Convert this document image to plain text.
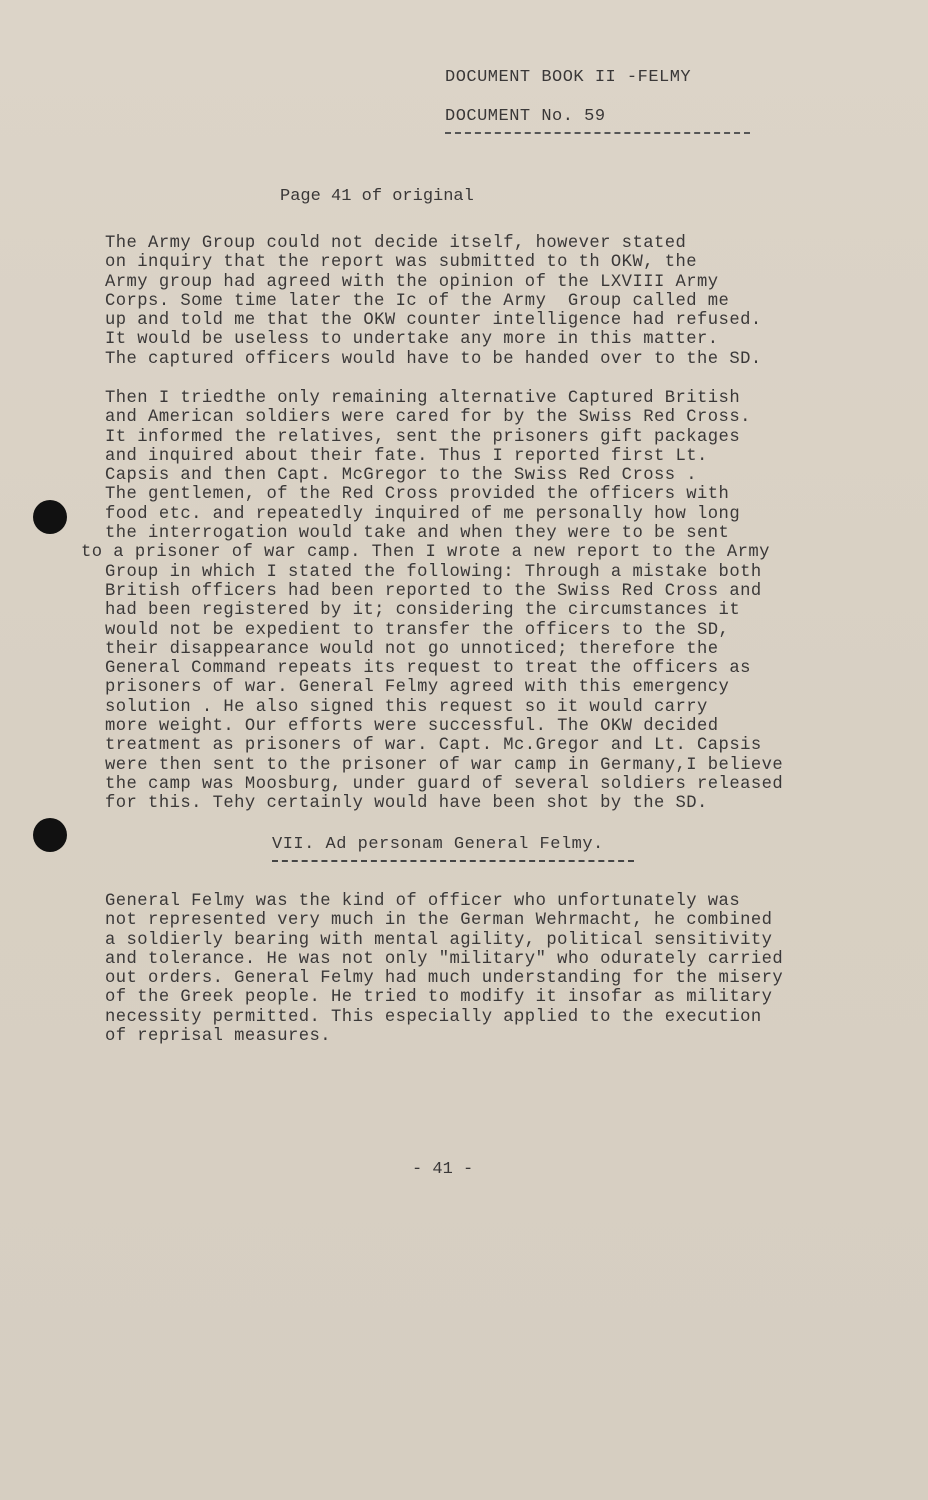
DOCUMENT BOOK II -FELMY
DOCUMENT No. 59
Page 41 of original
The Army Group could not decide itself, however stated
on inquiry that the report was submitted to th OKW, the
Army group had agreed with the opinion of the LXVIII Army
Corps. Some time later the Ic of the Army  Group called me
up and told me that the OKW counter intelligence had refused.
It would be useless to undertake any more in this matter.
The captured officers would have to be handed over to the SD.
Then I triedthe only remaining alternative Captured British
and American soldiers were cared for by the Swiss Red Cross.
It informed the relatives, sent the prisoners gift packages
and inquired about their fate. Thus I reported first Lt.
Capsis and then Capt. McGregor to the Swiss Red Cross .
The gentlemen, of the Red Cross provided the officers with
food etc. and repeatedly inquired of me personally how long
the interrogation would take and when they were to be sent
to a prisoner of war camp. Then I wrote a new report to the Army
Group in which I stated the following: Through a mistake both
British officers had been reported to the Swiss Red Cross and
had been registered by it; considering the circumstances it
would not be expedient to transfer the officers to the SD,
their disappearance would not go unnoticed; therefore the
General Command repeats its request to treat the officers as
prisoners of war. General Felmy agreed with this emergency
solution . He also signed this request so it would carry
more weight. Our efforts were successful. The OKW decided
treatment as prisoners of war. Capt. Mc.Gregor and Lt. Capsis
were then sent to the prisoner of war camp in Germany,I believe
the camp was Moosburg, under guard of several soldiers released
for this. Tehy certainly would have been shot by the SD.
VII. Ad personam General Felmy.
General Felmy was the kind of officer who unfortunately was
not represented very much in the German Wehrmacht, he combined
a soldierly bearing with mental agility, political sensitivity
and tolerance. He was not only "military" who odurately carried
out orders. General Felmy had much understanding for the misery
of the Greek people. He tried to modify it insofar as military
necessity permitted. This especially applied to the execution
of reprisal measures.
- 41 -
